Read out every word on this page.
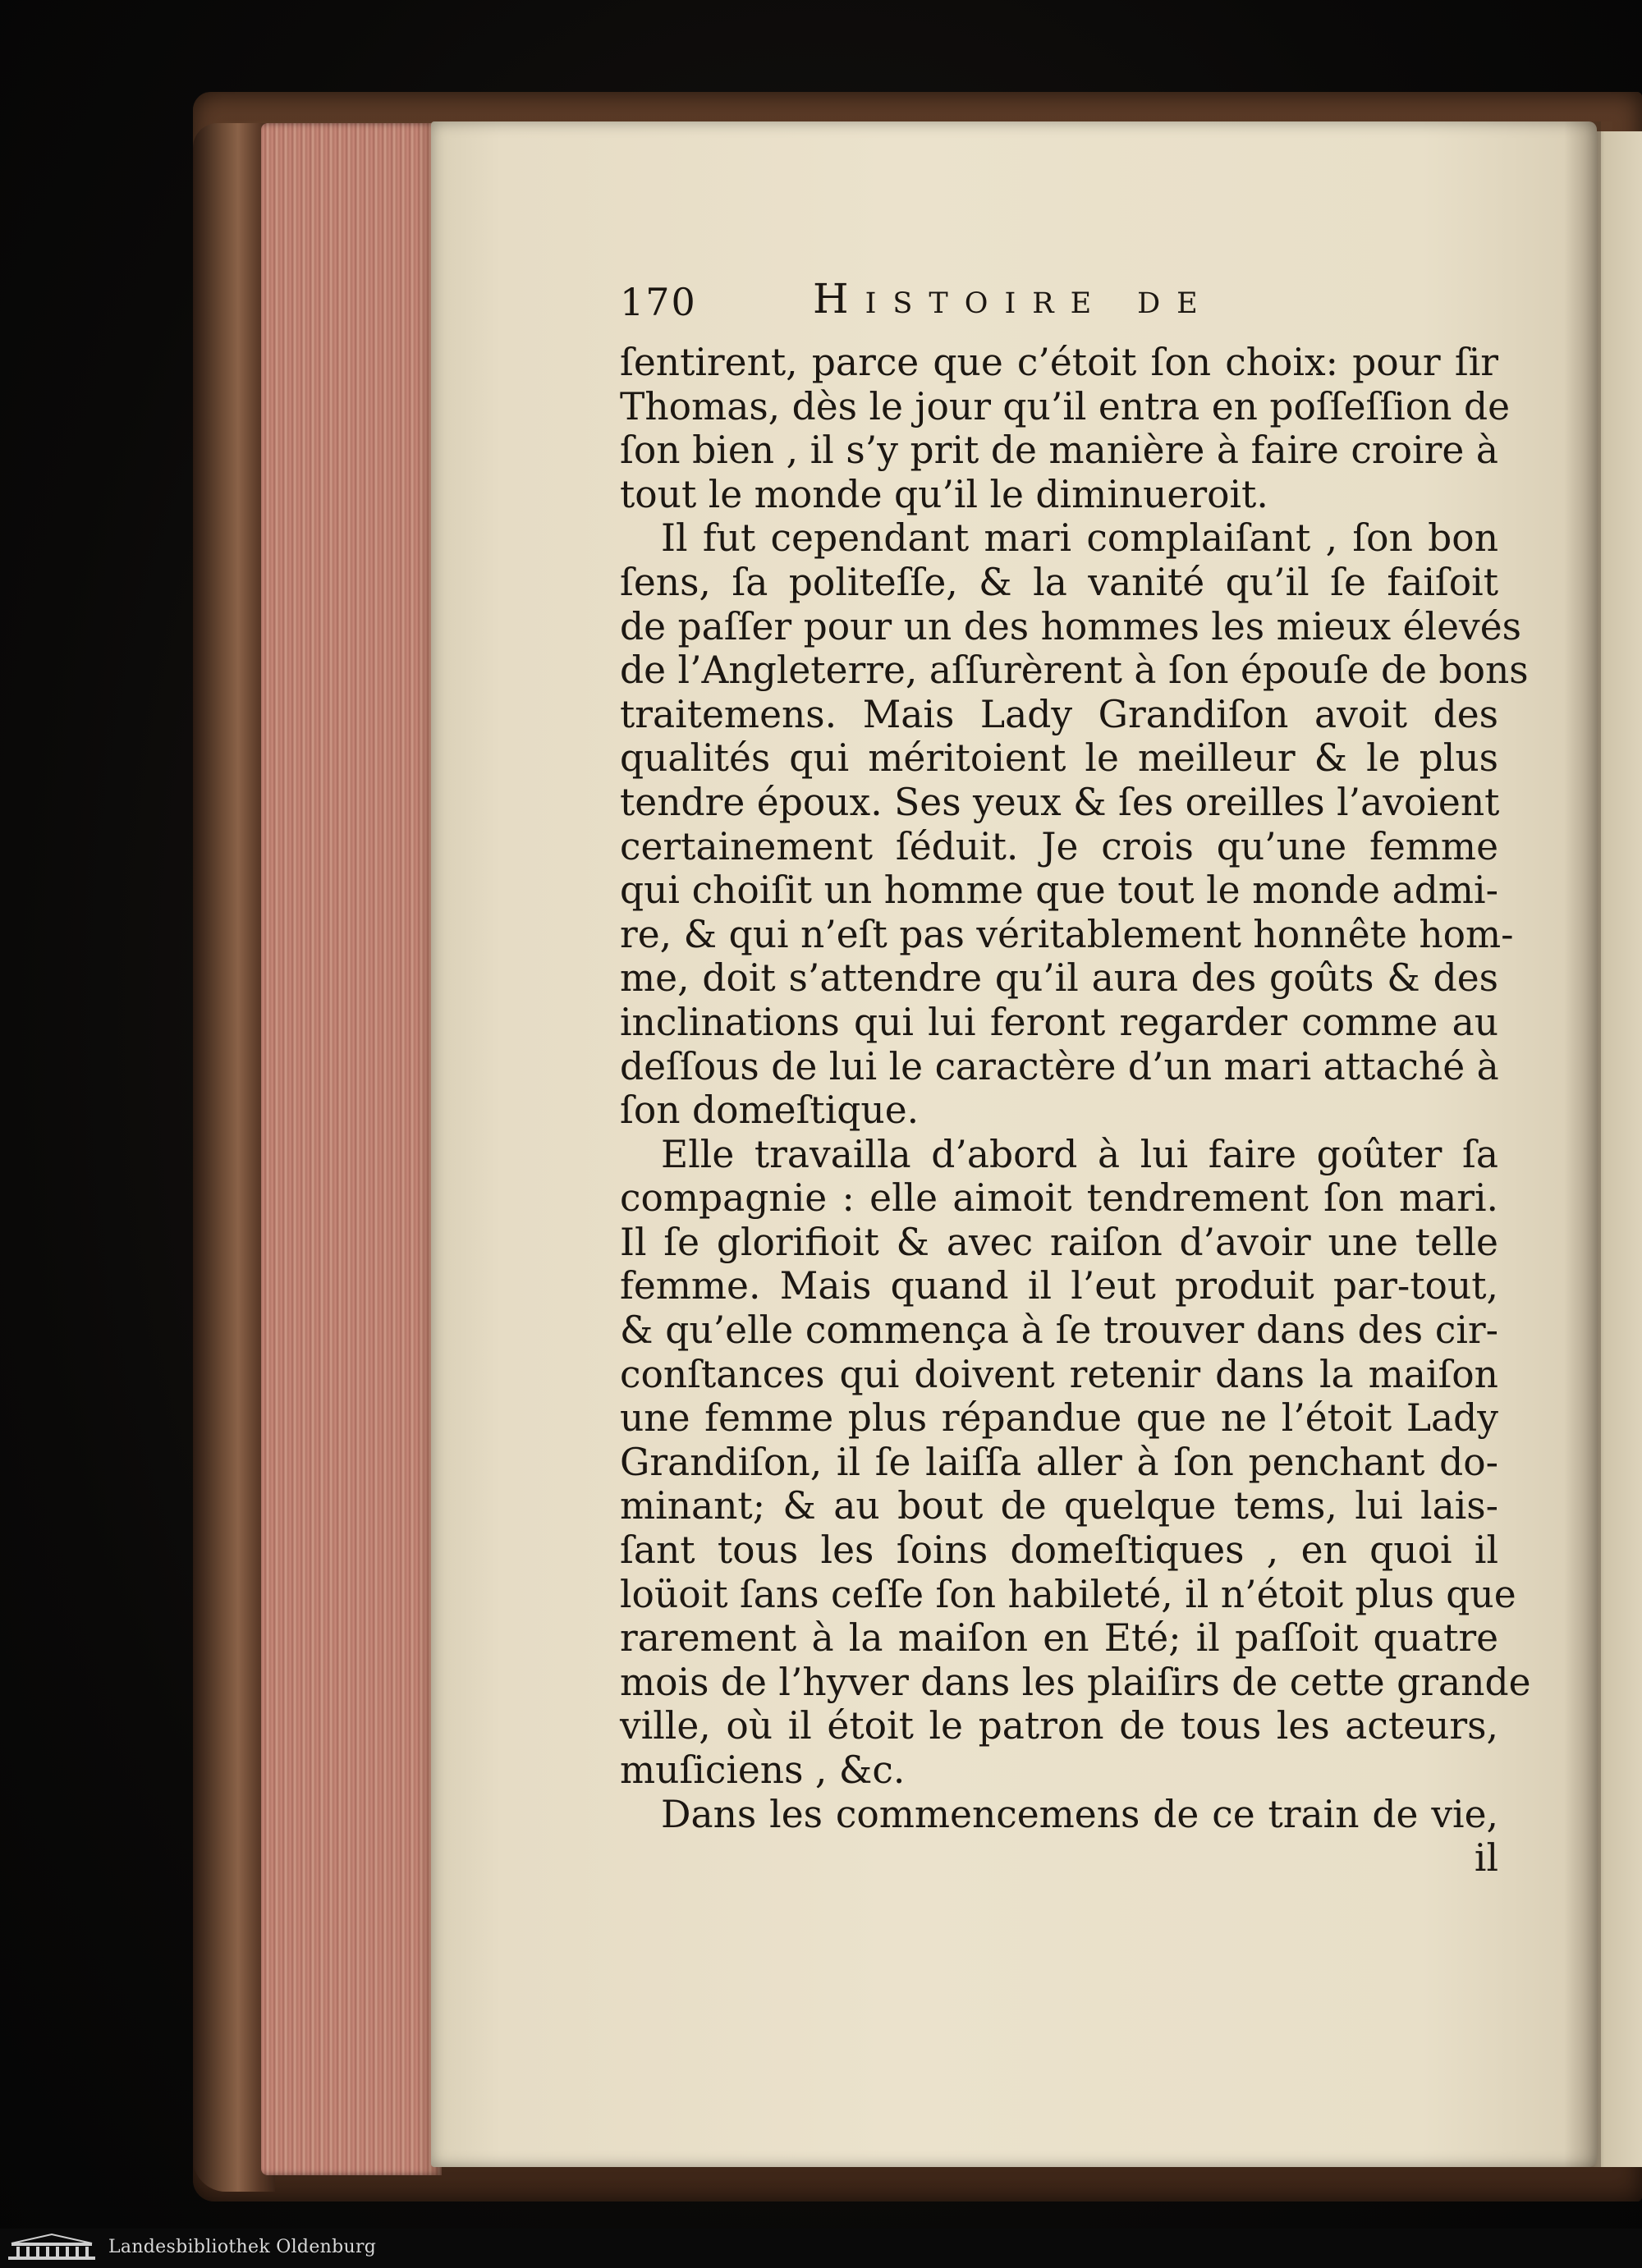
170	Histoire de
ſentirent, parce que c’étoit ſon choix: pour ſir
Thomas, dès le jour qu’il entra en poſſeſſion de
ſon bien , il s’y prit de manière à faire croire à
tout le monde qu’il le diminueroit.
Il fut cependant mari complaiſant , ſon bon
ſens, ſa politeſſe, & la vanité qu’il ſe faiſoit
de paſſer pour un des hommes les mieux élevés
de l’Angleterre, aſſurèrent à ſon épouſe de bons
traitemens. Mais Lady Grandiſon avoit des
qualités qui méritoient le meilleur & le plus
tendre époux. Ses yeux & ſes oreilles l’avoient
certainement ſéduit. Je crois qu’une femme
qui choiſit un homme que tout le monde admi-
re, & qui n’eſt pas véritablement honnête hom-
me, doit s’attendre qu’il aura des goûts & des
inclinations qui lui feront regarder comme au
deſſous de lui le caractère d’un mari attaché à
ſon domeſtique.
Elle travailla d’abord à lui faire goûter ſa
compagnie : elle aimoit tendrement ſon mari.
Il ſe glorifioit & avec raiſon d’avoir une telle
femme. Mais quand il l’eut produit par-tout,
& qu’elle commença à ſe trouver dans des cir-
conſtances qui doivent retenir dans la maiſon
une femme plus répandue que ne l’étoit Lady
Grandiſon, il ſe laiſſa aller à ſon penchant do-
minant; & au bout de quelque tems, lui lais-
ſant tous les ſoins domeſtiques , en quoi il
loüoit ſans ceſſe ſon habileté, il n’étoit plus que
rarement à la maiſon en Eté; il paſſoit quatre
mois de l’hyver dans les plaiſirs de cette grande
ville, où il étoit le patron de tous les acteurs,
muſiciens , &c.
Dans les commencemens de ce train de vie,
il
Landesbibliothek Oldenburg
